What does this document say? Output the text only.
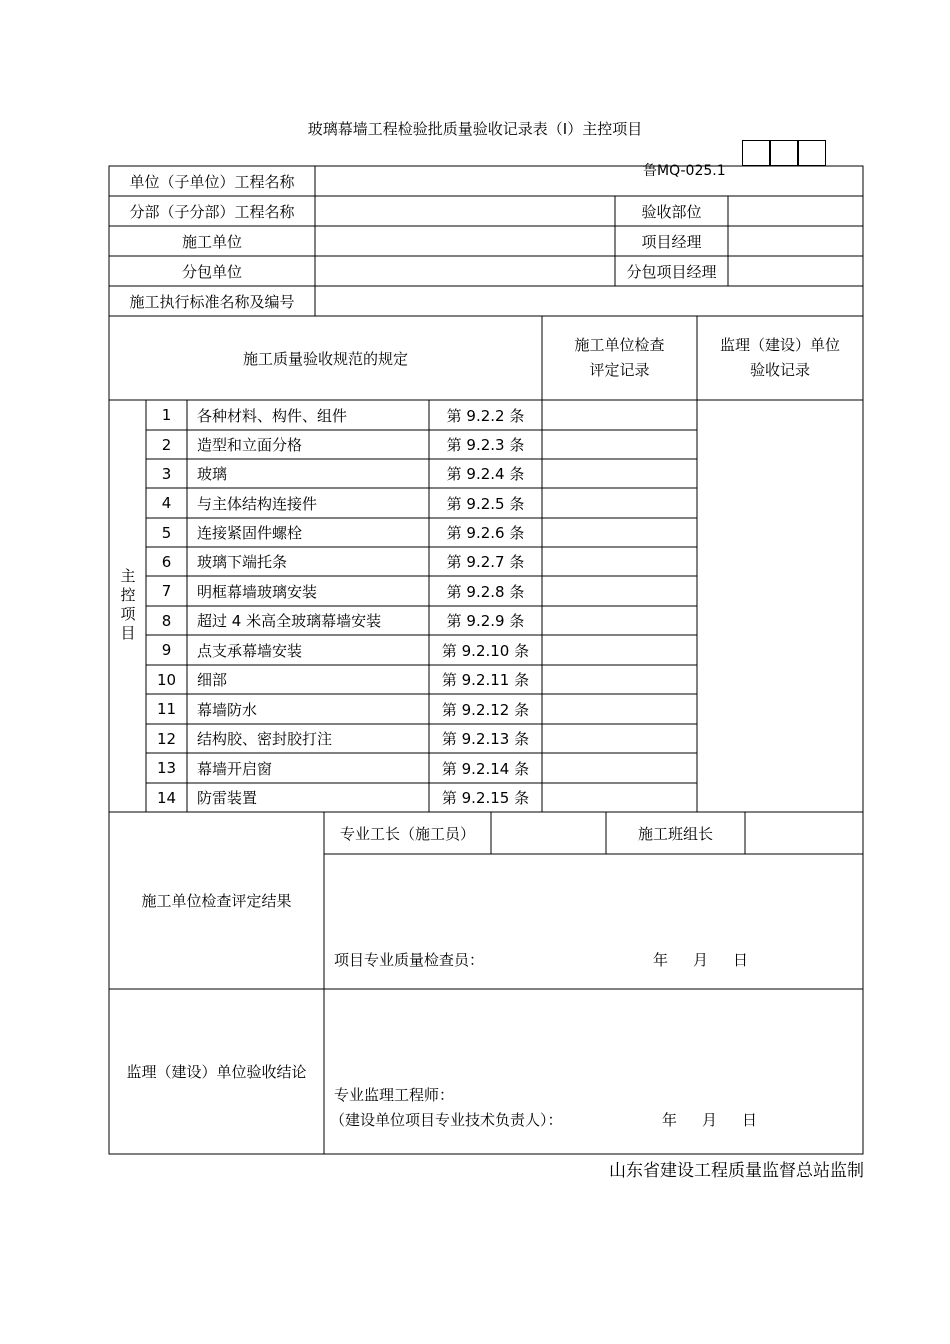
玻璃幕墙工程检验批质量验收记录表（Ⅰ）主控项目
鲁MQ-025.1
单位（子单位）工程名称
分部（子分部）工程名称	验收部位
施工单位	项目经理
分包单位	分包项目经理
施工执行标准名称及编号
施工质量验收规范的规定
施工单位检查
评定记录
监理（建设）单位
验收记录
主控项目
1	各种材料、构件、组件	第 9.2.2 条
2	造型和立面分格	第 9.2.3 条
3	玻璃	第 9.2.4 条
4	与主体结构连接件	第 9.2.5 条
5	连接紧固件螺栓	第 9.2.6 条
6	玻璃下端托条	第 9.2.7 条
7	明框幕墙玻璃安装	第 9.2.8 条
8	超过 4 米高全玻璃幕墙安装	第 9.2.9 条
9	点支承幕墙安装	第 9.2.10 条
10	细部	第 9.2.11 条
11	幕墙防水	第 9.2.12 条
12	结构胶、密封胶打注	第 9.2.13 条
13	幕墙开启窗	第 9.2.14 条
14	防雷装置	第 9.2.15 条
施工单位检查评定结果
专业工长（施工员）	施工班组长
项目专业质量检查员：	年 月 日
监理（建设）单位验收结论
专业监理工程师：
（建设单位项目专业技术负责人）：	年 月 日
山东省建设工程质量监督总站监制
